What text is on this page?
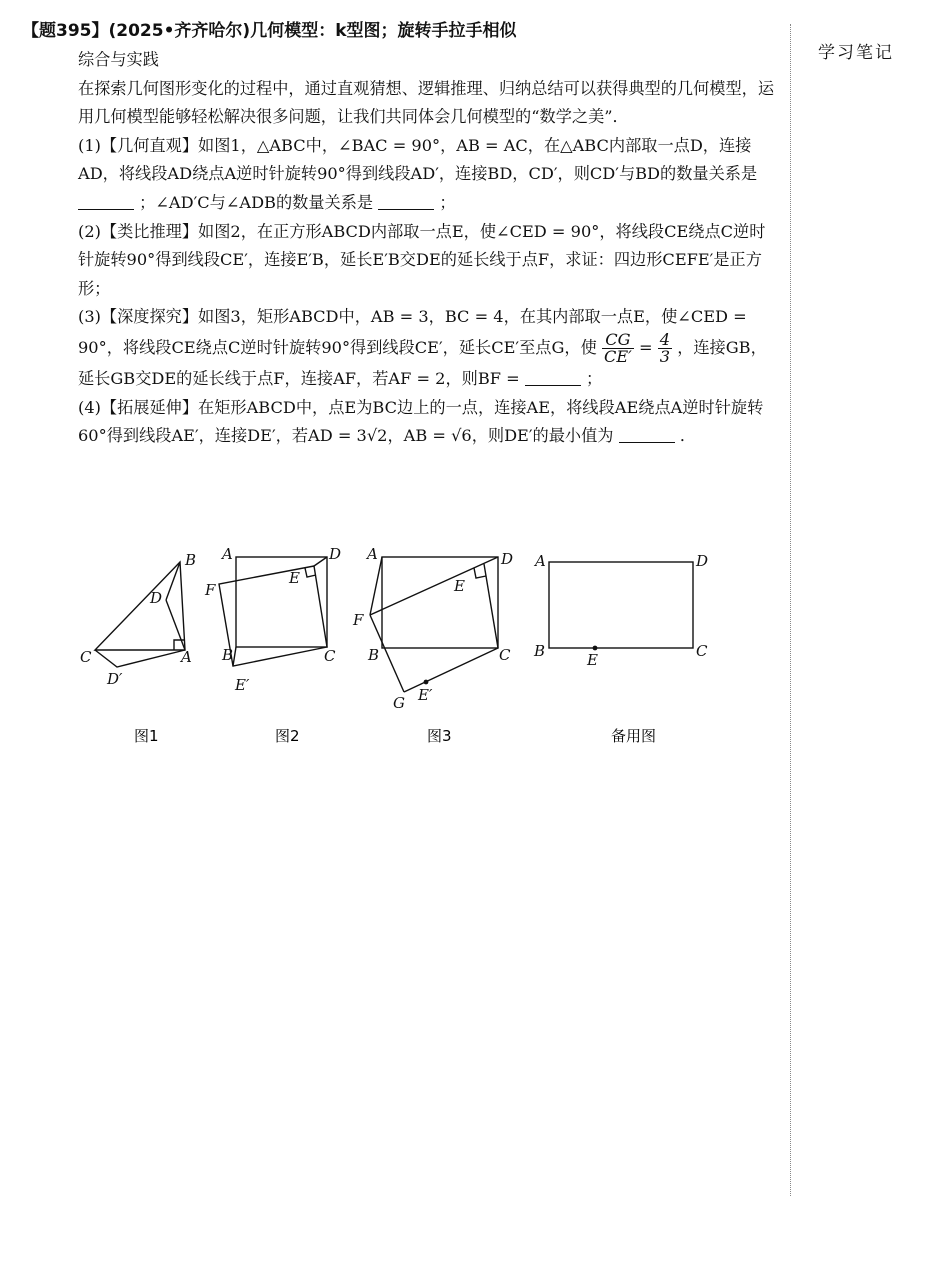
【题395】(2025•齐齐哈尔)几何模型：k型图；旋转手拉手相似
学习笔记

综合与实践

在探索几何图形变化的过程中，通过直观猜想、逻辑推理、归纳总结可以获得典型的几何模型，运用几何模型能够轻松解决很多问题，让我们共同体会几何模型的“数学之美”．

(1)【几何直观】如图1，△ABC中，∠BAC = 90°，AB = AC，在△ABC内部取一点D，连接AD，将线段AD绕点A逆时针旋转90°得到线段AD′，连接BD，CD′，则CD′与BD的数量关系是  ；∠AD′C与∠ADB的数量关系是	；

(2)【类比推理】如图2，在正方形ABCD内部取一点E，使∠CED = 90°，将线段CE绕点C逆时针旋转90°得到线段CE′，连接E′B，延长E′B交DE的延长线于点F，求证：四边形CEFE′是正方形；

(3)【深度探究】如图3，矩形ABCD中，AB = 3，BC = 4，在其内部取一点E，使∠CED = 90°，将线段CE绕点C逆时针旋转90°得到线段CE′，延长CE′至点G，使 $\frac{CG}{CE'} = \frac{4}{3}$ ，连接GB，延长GB交DE的延长线于点F，连接AF，若AF = 2，则BF =	；

(4)【拓展延伸】在矩形ABCD中，点E为BC边上的一点，连接AE，将线段AE绕点A逆时针旋转60°得到线段AE′，连接DE′，若AD = 3√2，AB = √6，则DE′的最小值为	．

B
D
C	A
D′
A	D
E
F
B	C
E′
A	D
E
F
B	C
G E′
A	D
B	C
E
图1	图2	图3	备用图
